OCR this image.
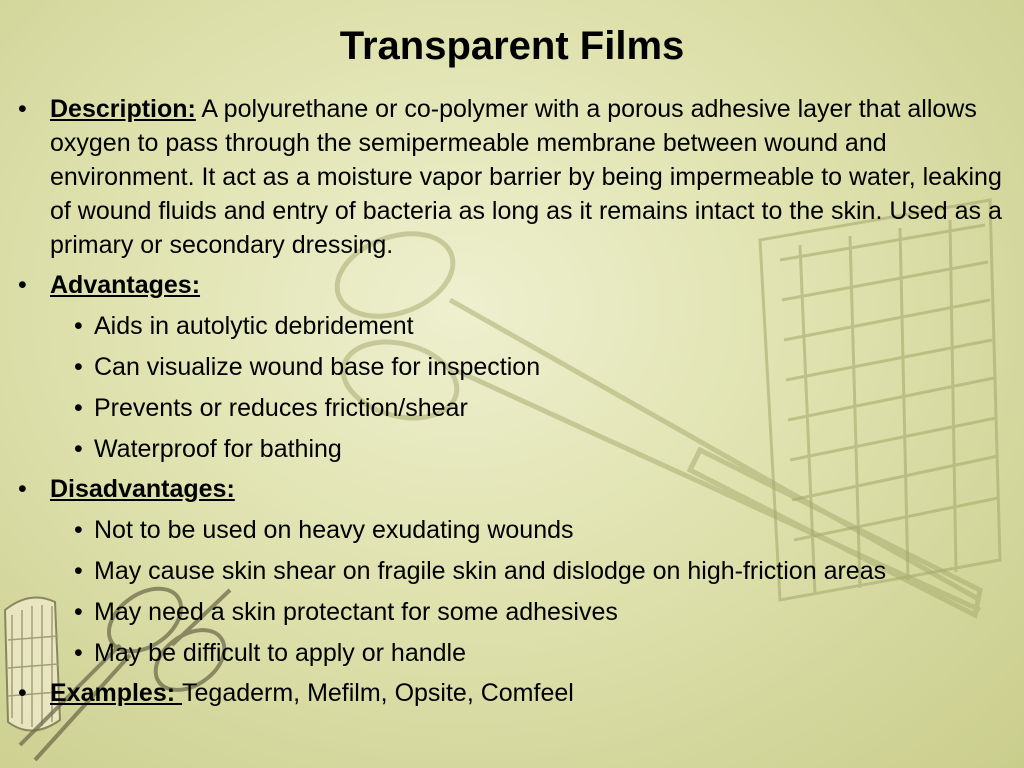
Transparent Films
• Description: A polyurethane or co-polymer with a porous adhesive layer that allows oxygen to pass through the semipermeable membrane between wound and environment. It act as a moisture vapor barrier by being impermeable to water, leaking of wound fluids and entry of bacteria as long as it remains intact to the skin. Used as a primary or secondary dressing.
• Advantages:
• Aids in autolytic debridement
• Can visualize wound base for inspection
• Prevents or reduces friction/shear
• Waterproof for bathing
• Disadvantages:
• Not to be used on heavy exudating wounds
• May cause skin shear on fragile skin and dislodge on high-friction areas
• May need a skin protectant for some adhesives
• May be difficult to apply or handle
• Examples: Tegaderm, Mefilm, Opsite, Comfeel
